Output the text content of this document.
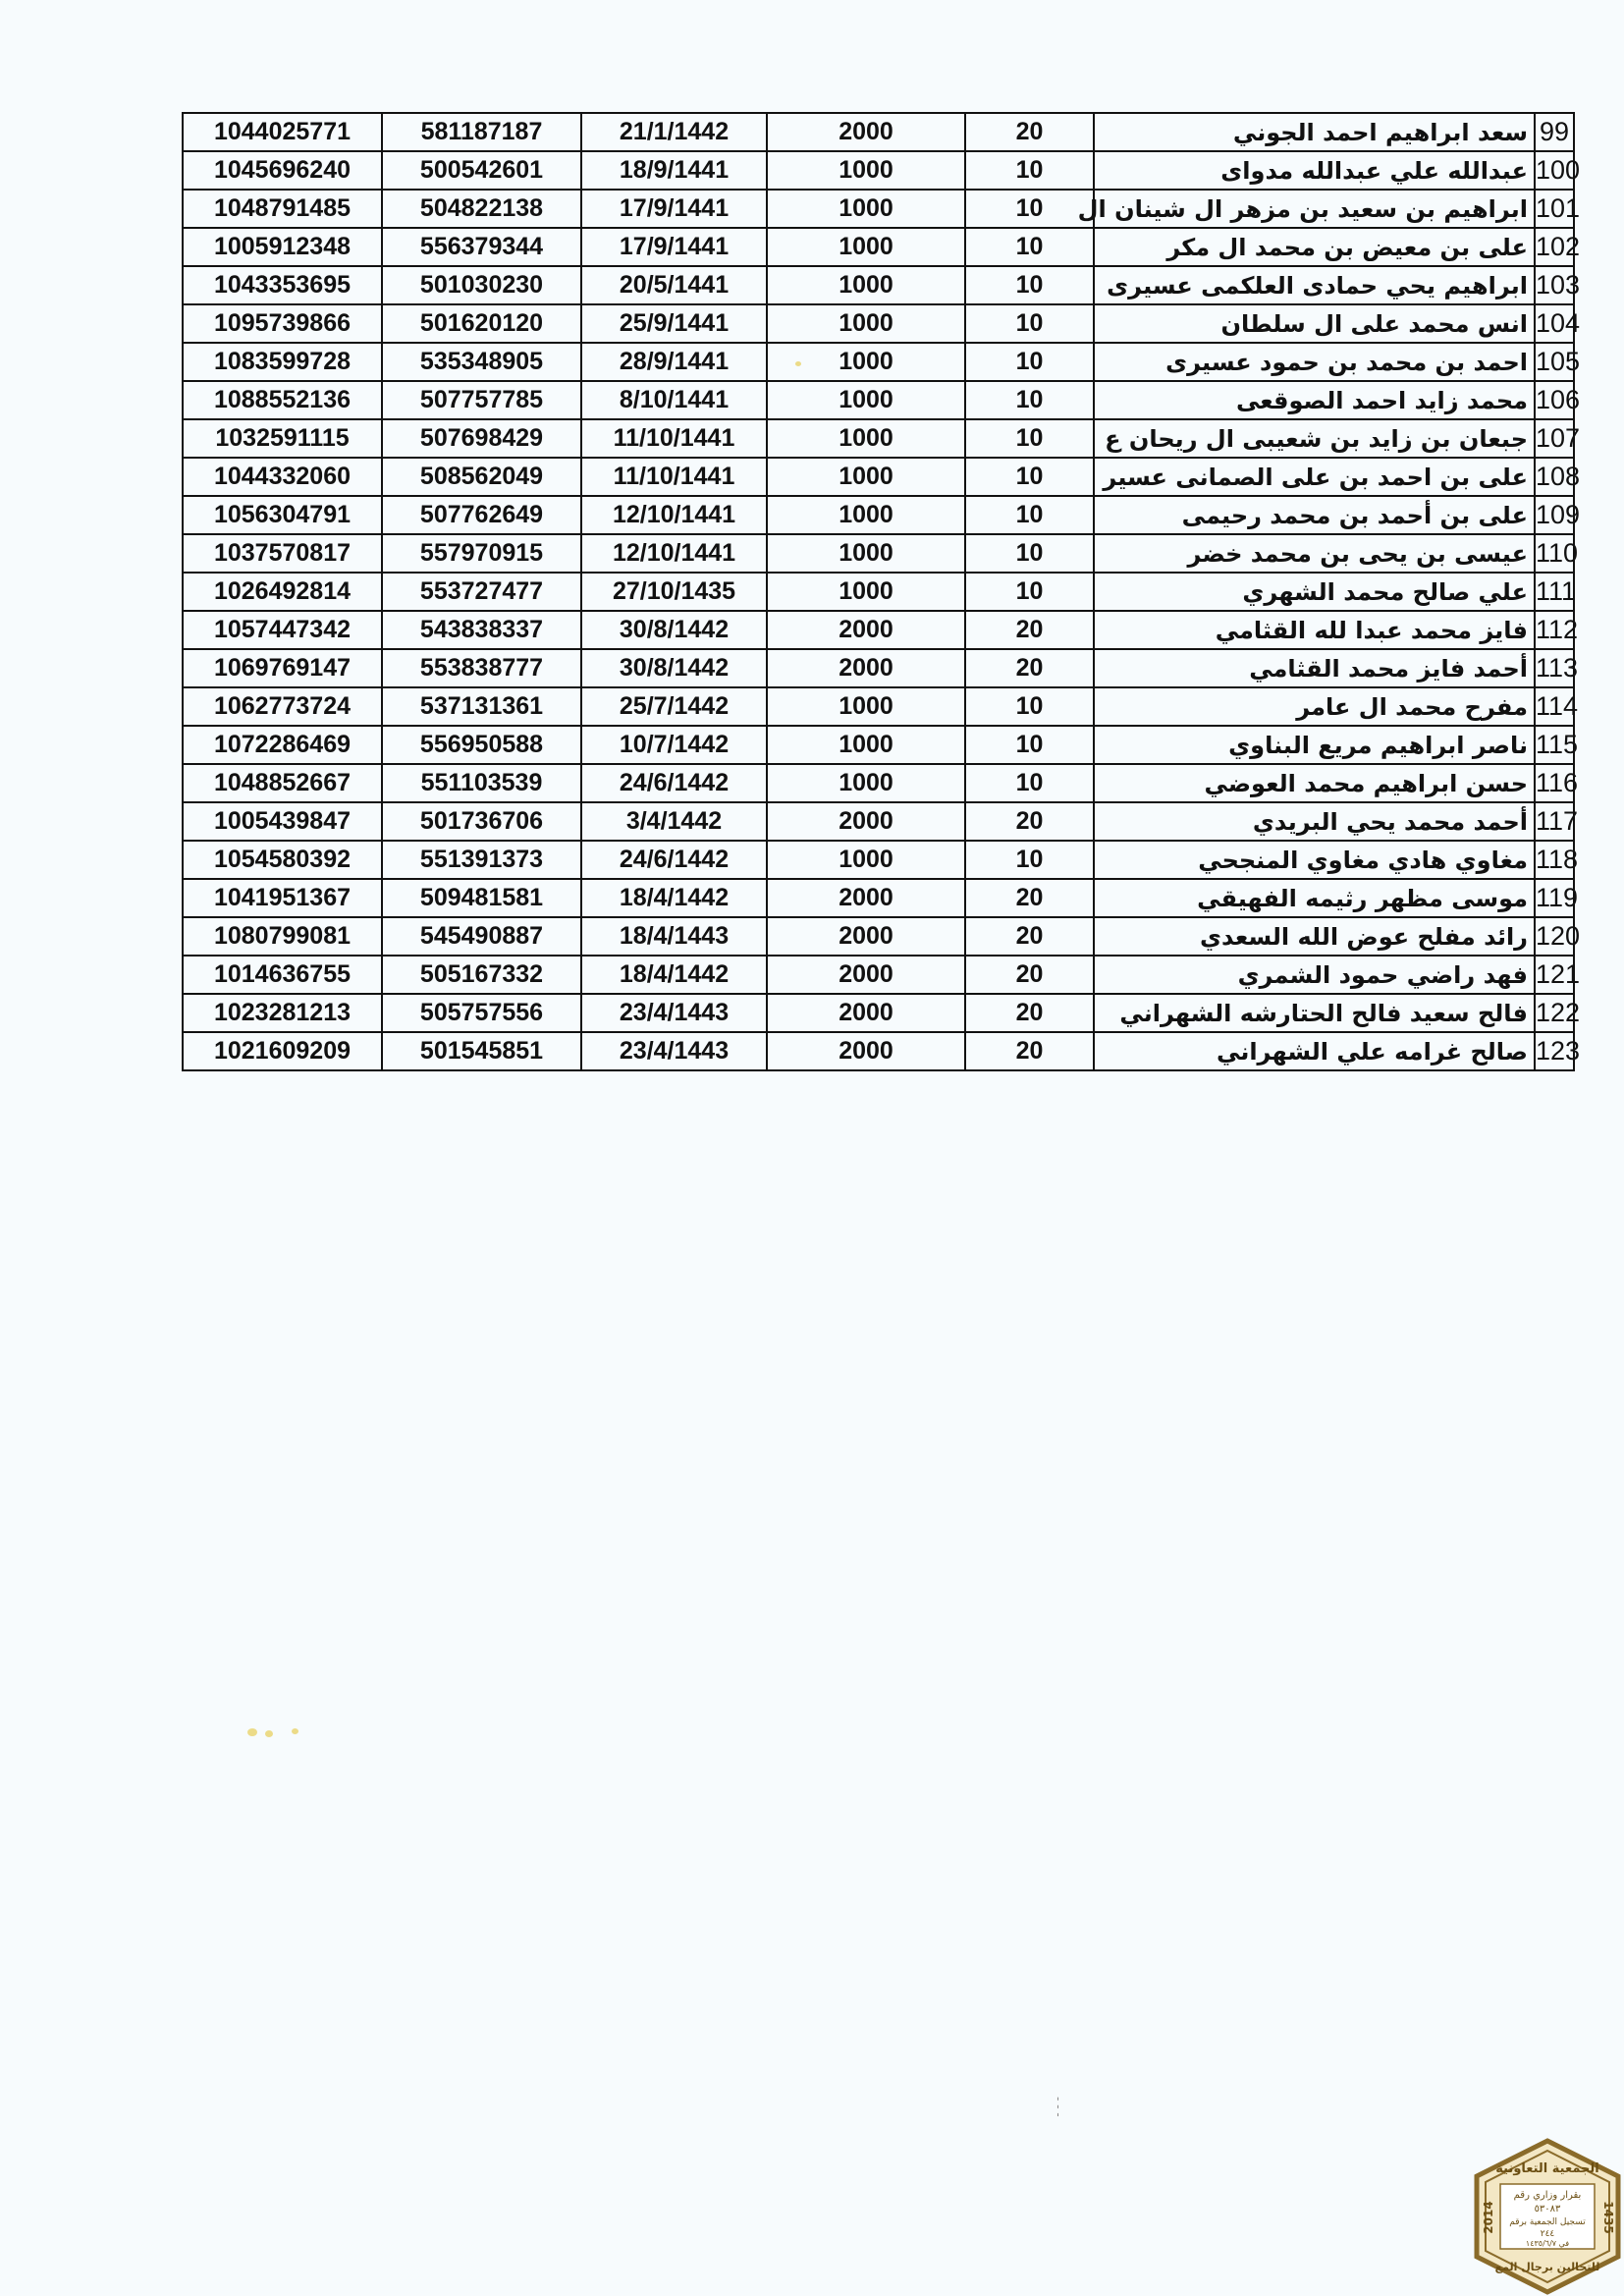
1044025771	581187187	21/1/1442	2000	20	سعد ابراهيم احمد الجوني	99
1045696240	500542601	18/9/1441	1000	10	عبدالله علي عبدالله مدواى	100
1048791485	504822138	17/9/1441	1000	10	ابراهيم بن سعيد بن مزهر ال شينان ال	101
1005912348	556379344	17/9/1441	1000	10	على بن معيض بن محمد ال مكر	102
1043353695	501030230	20/5/1441	1000	10	ابراهيم يحي حمادى العلكمى عسيرى	103
1095739866	501620120	25/9/1441	1000	10	انس محمد على ال سلطان	104
1083599728	535348905	28/9/1441	1000	10	احمد بن محمد بن حمود عسيرى	105
1088552136	507757785	8/10/1441	1000	10	محمد زايد احمد الصوقعى	106
1032591115	507698429	11/10/1441	1000	10	جبعان بن زايد بن شعيبى ال ريحان ع	107
1044332060	508562049	11/10/1441	1000	10	على بن احمد بن على الصمانى عسير	108
1056304791	507762649	12/10/1441	1000	10	على بن أحمد بن محمد رحيمى	109
1037570817	557970915	12/10/1441	1000	10	عيسى بن يحى بن محمد خضر	110
1026492814	553727477	27/10/1435	1000	10	علي صالح محمد الشهري	111
1057447342	543838337	30/8/1442	2000	20	فايز محمد عبدا لله القثامي	112
1069769147	553838777	30/8/1442	2000	20	أحمد فايز محمد القثامي	113
1062773724	537131361	25/7/1442	1000	10	مفرح محمد ال عامر	114
1072286469	556950588	10/7/1442	1000	10	ناصر ابراهيم مريع البناوي	115
1048852667	551103539	24/6/1442	1000	10	حسن ابراهيم محمد العوضي	116
1005439847	501736706	3/4/1442	2000	20	أحمد محمد يحي البريدي	117
1054580392	551391373	24/6/1442	1000	10	مغاوي هادي مغاوي المنجحي	118
1041951367	509481581	18/4/1442	2000	20	موسى مظهر رثيمه الفهيقي	119
1080799081	545490887	18/4/1443	2000	20	رائد مفلح عوض الله السعدي	120
1014636755	505167332	18/4/1442	2000	20	فهد راضي حمود الشمري	121
1023281213	505757556	23/4/1443	2000	20	فالح سعيد فالح الحتارشه الشهراني	122
1021609209	501545851	23/4/1443	2000	20	صالح غرامه علي الشهراني	123
- - -
الجمعية التعاونية
بقرار وزاري رقم
٥٣٠٨٣
تسجيل الجمعية برقم
٢٤٤
في ١٤٣٥/٦/٧
2014	1435
للتحالين برجال المع
